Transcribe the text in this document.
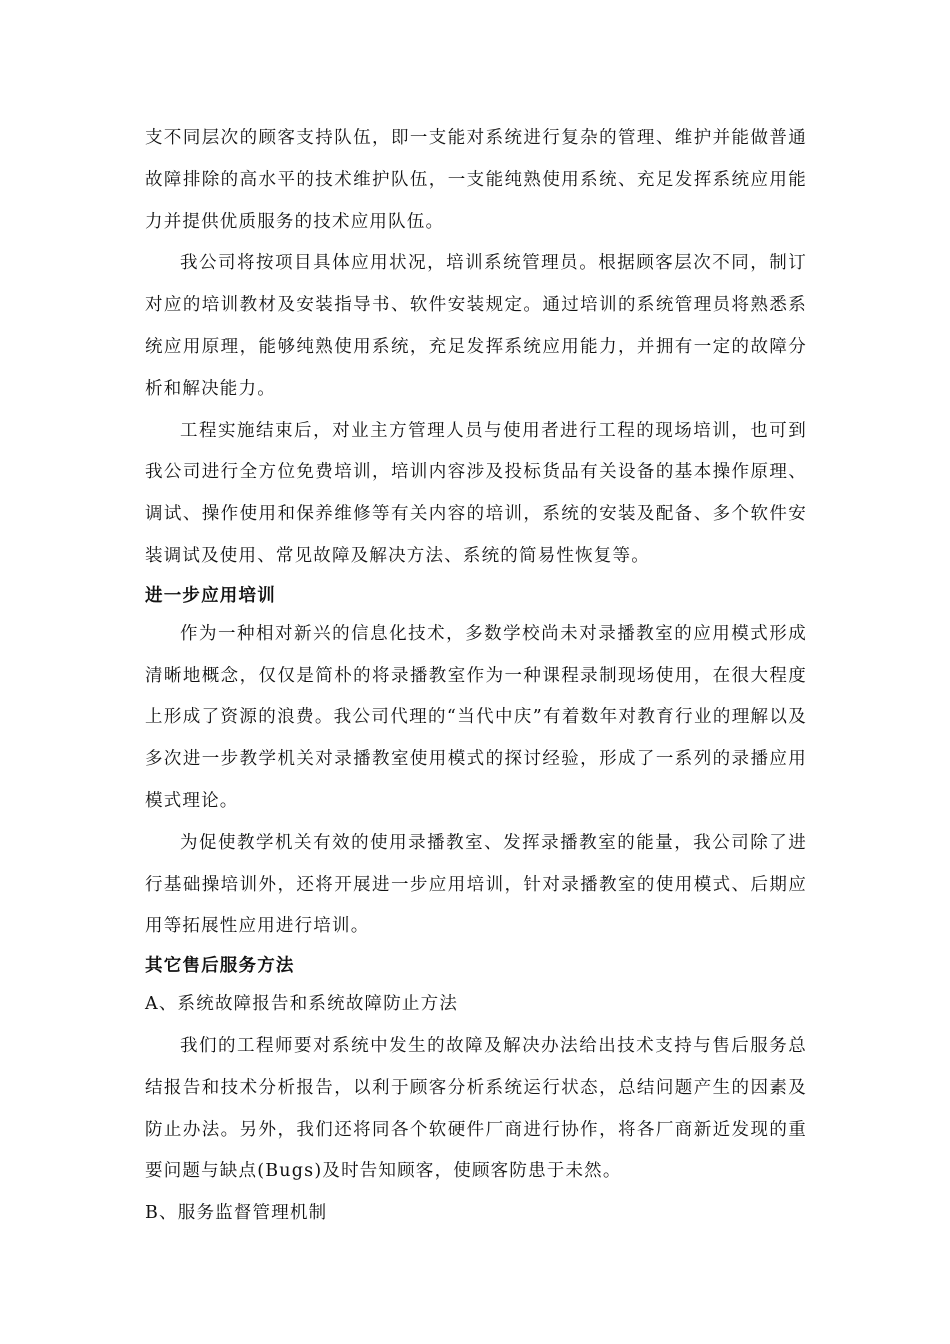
支不同层次的顾客支持队伍，即一支能对系统进行复杂的管理、维护并能做普通故障排除的高水平的技术维护队伍，一支能纯熟使用系统、充足发挥系统应用能力并提供优质服务的技术应用队伍。

我公司将按项目具体应用状况，培训系统管理员。根据顾客层次不同，制订对应的培训教材及安装指导书、软件安装规定。通过培训的系统管理员将熟悉系统应用原理，能够纯熟使用系统，充足发挥系统应用能力，并拥有一定的故障分析和解决能力。

工程实施结束后，对业主方管理人员与使用者进行工程的现场培训，也可到我公司进行全方位免费培训，培训内容涉及投标货品有关设备的基本操作原理、调试、操作使用和保养维修等有关内容的培训，系统的安装及配备、多个软件安装调试及使用、常见故障及解决方法、系统的简易性恢复等。

进一步应用培训

作为一种相对新兴的信息化技术，多数学校尚未对录播教室的应用模式形成清晰地概念，仅仅是简朴的将录播教室作为一种课程录制现场使用，在很大程度上形成了资源的浪费。我公司代理的“当代中庆”有着数年对教育行业的理解以及多次进一步教学机关对录播教室使用模式的探讨经验，形成了一系列的录播应用模式理论。

为促使教学机关有效的使用录播教室、发挥录播教室的能量，我公司除了进行基础操培训外，还将开展进一步应用培训，针对录播教室的使用模式、后期应用等拓展性应用进行培训。

其它售后服务方法

A、系统故障报告和系统故障防止方法

我们的工程师要对系统中发生的故障及解决办法给出技术支持与售后服务总结报告和技术分析报告，以利于顾客分析系统运行状态，总结问题产生的因素及防止办法。另外，我们还将同各个软硬件厂商进行协作，将各厂商新近发现的重要问题与缺点(Bugs)及时告知顾客，使顾客防患于未然。

B、服务监督管理机制
